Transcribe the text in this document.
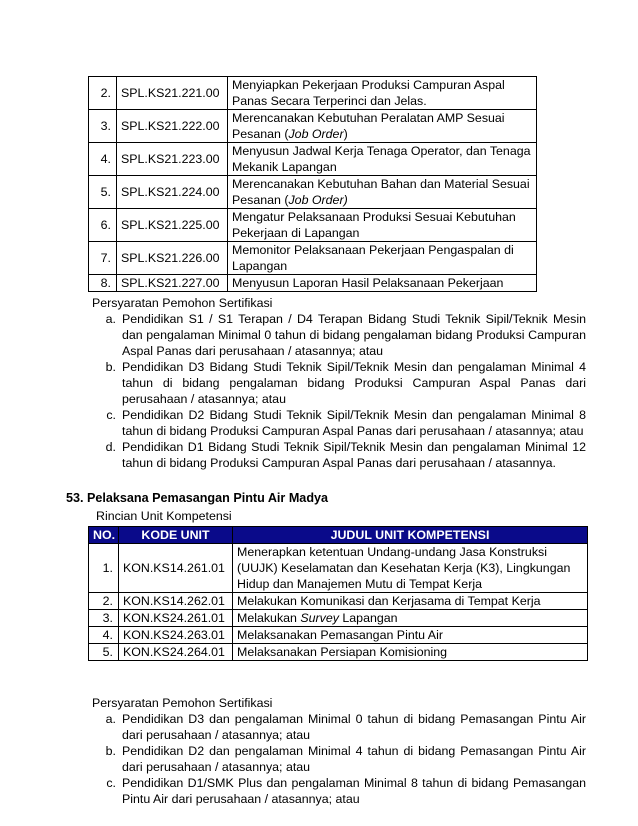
2.	SPL.KS21.221.00	Menyiapkan Pekerjaan Produksi Campuran Aspal Panas Secara Terperinci dan Jelas.
3.	SPL.KS21.222.00	Merencanakan Kebutuhan Peralatan AMP Sesuai Pesanan (Job Order)
4.	SPL.KS21.223.00	Menyusun Jadwal Kerja Tenaga Operator, dan Tenaga Mekanik Lapangan
5.	SPL.KS21.224.00	Merencanakan Kebutuhan Bahan dan Material Sesuai Pesanan (Job Order)
6.	SPL.KS21.225.00	Mengatur Pelaksanaan Produksi Sesuai Kebutuhan Pekerjaan di Lapangan
7.	SPL.KS21.226.00	Memonitor Pelaksanaan Pekerjaan Pengaspalan di Lapangan
8.	SPL.KS21.227.00	Menyusun Laporan Hasil Pelaksanaan Pekerjaan
Persyaratan Pemohon Sertifikasi
a. Pendidikan S1 / S1 Terapan / D4 Terapan Bidang Studi Teknik Sipil/Teknik Mesin dan pengalaman Minimal 0 tahun di bidang pengalaman bidang Produksi Campuran Aspal Panas dari perusahaan / atasannya; atau
b. Pendidikan D3 Bidang Studi Teknik Sipil/Teknik Mesin dan pengalaman Minimal 4 tahun di bidang pengalaman bidang Produksi Campuran Aspal Panas dari perusahaan / atasannya; atau
c. Pendidikan D2 Bidang Studi Teknik Sipil/Teknik Mesin dan pengalaman Minimal 8 tahun di bidang Produksi Campuran Aspal Panas dari perusahaan / atasannya; atau
d. Pendidikan D1 Bidang Studi Teknik Sipil/Teknik Mesin dan pengalaman Minimal 12 tahun di bidang Produksi Campuran Aspal Panas dari perusahaan / atasannya.
53. Pelaksana Pemasangan Pintu Air Madya
Rincian Unit Kompetensi
NO.	KODE UNIT	JUDUL UNIT KOMPETENSI
1.	KON.KS14.261.01	Menerapkan ketentuan Undang-undang Jasa Konstruksi (UUJK) Keselamatan dan Kesehatan Kerja (K3), Lingkungan Hidup dan Manajemen Mutu di Tempat Kerja
2.	KON.KS14.262.01	Melakukan Komunikasi dan Kerjasama di Tempat Kerja
3.	KON.KS24.261.01	Melakukan Survey Lapangan
4.	KON.KS24.263.01	Melaksanakan Pemasangan Pintu Air
5.	KON.KS24.264.01	Melaksanakan Persiapan Komisioning
Persyaratan Pemohon Sertifikasi
a. Pendidikan D3 dan pengalaman Minimal 0 tahun di bidang Pemasangan Pintu Air dari perusahaan / atasannya; atau
b. Pendidikan D2 dan pengalaman Minimal 4 tahun di bidang Pemasangan Pintu Air dari perusahaan / atasannya; atau
c. Pendidikan D1/SMK Plus dan pengalaman Minimal 8 tahun di bidang Pemasangan Pintu Air dari perusahaan / atasannya; atau
